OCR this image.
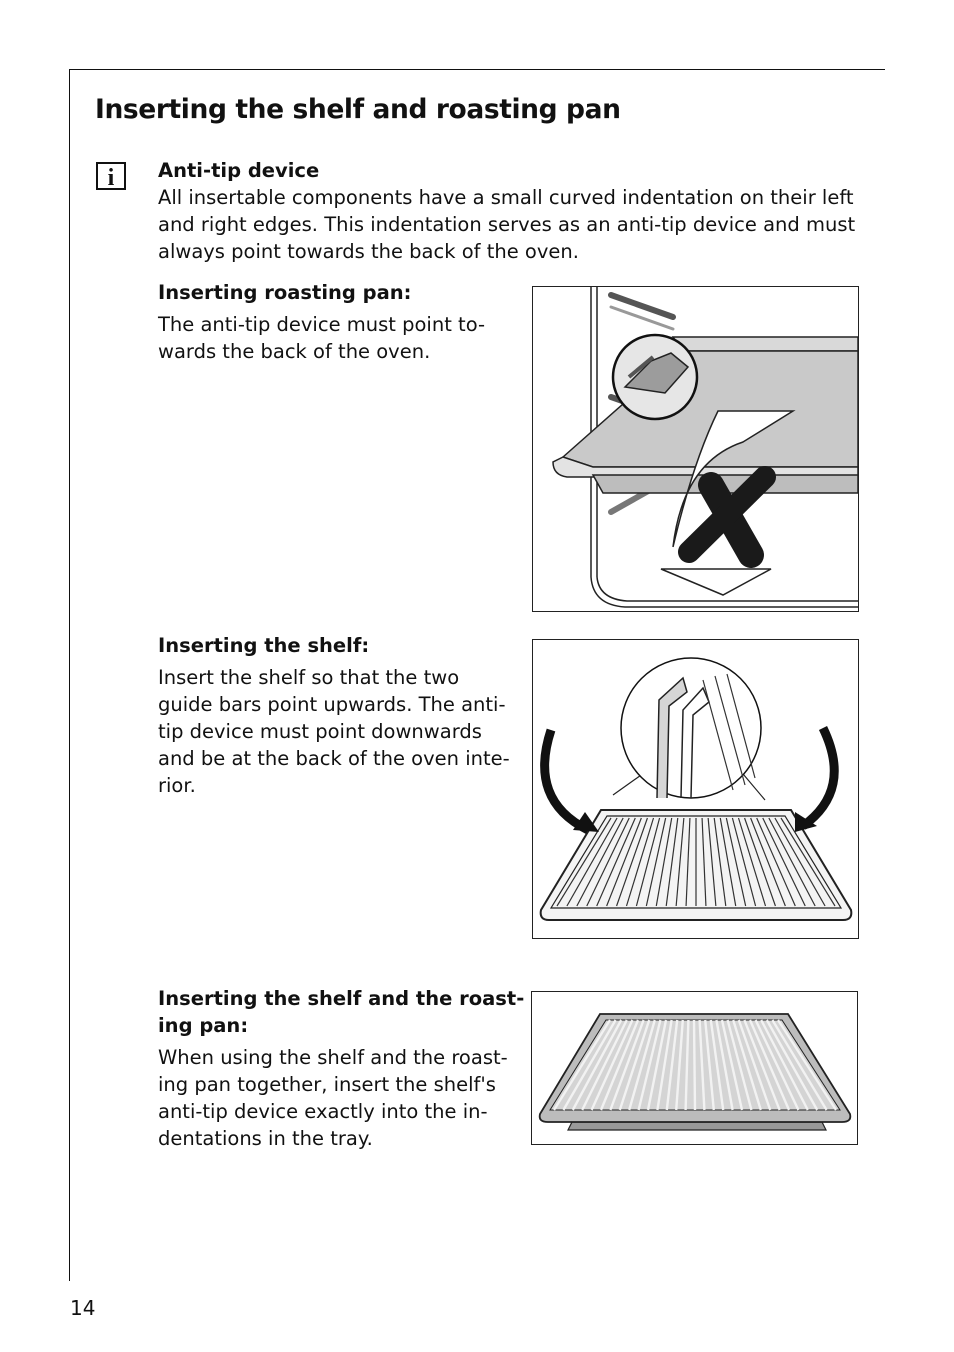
Inserting the shelf and roasting pan
i Anti-tip device

All insertable components have a small curved indentation on their left

and right edges. This indentation serves as an anti-tip device and must

always point towards the back of the oven.

Inserting roasting pan:

The anti-tip device must point to-

wards the back of the oven.

Inserting the shelf:

Insert the shelf so that the two

guide bars point upwards. The anti-

tip device must point downwards

and be at the back of the oven inte-

rior.

Inserting the shelf and the roast-

ing pan:

When using the shelf and the roast-

ing pan together, insert the shelf's

anti-tip device exactly into the in-

dentations in the tray.

14
